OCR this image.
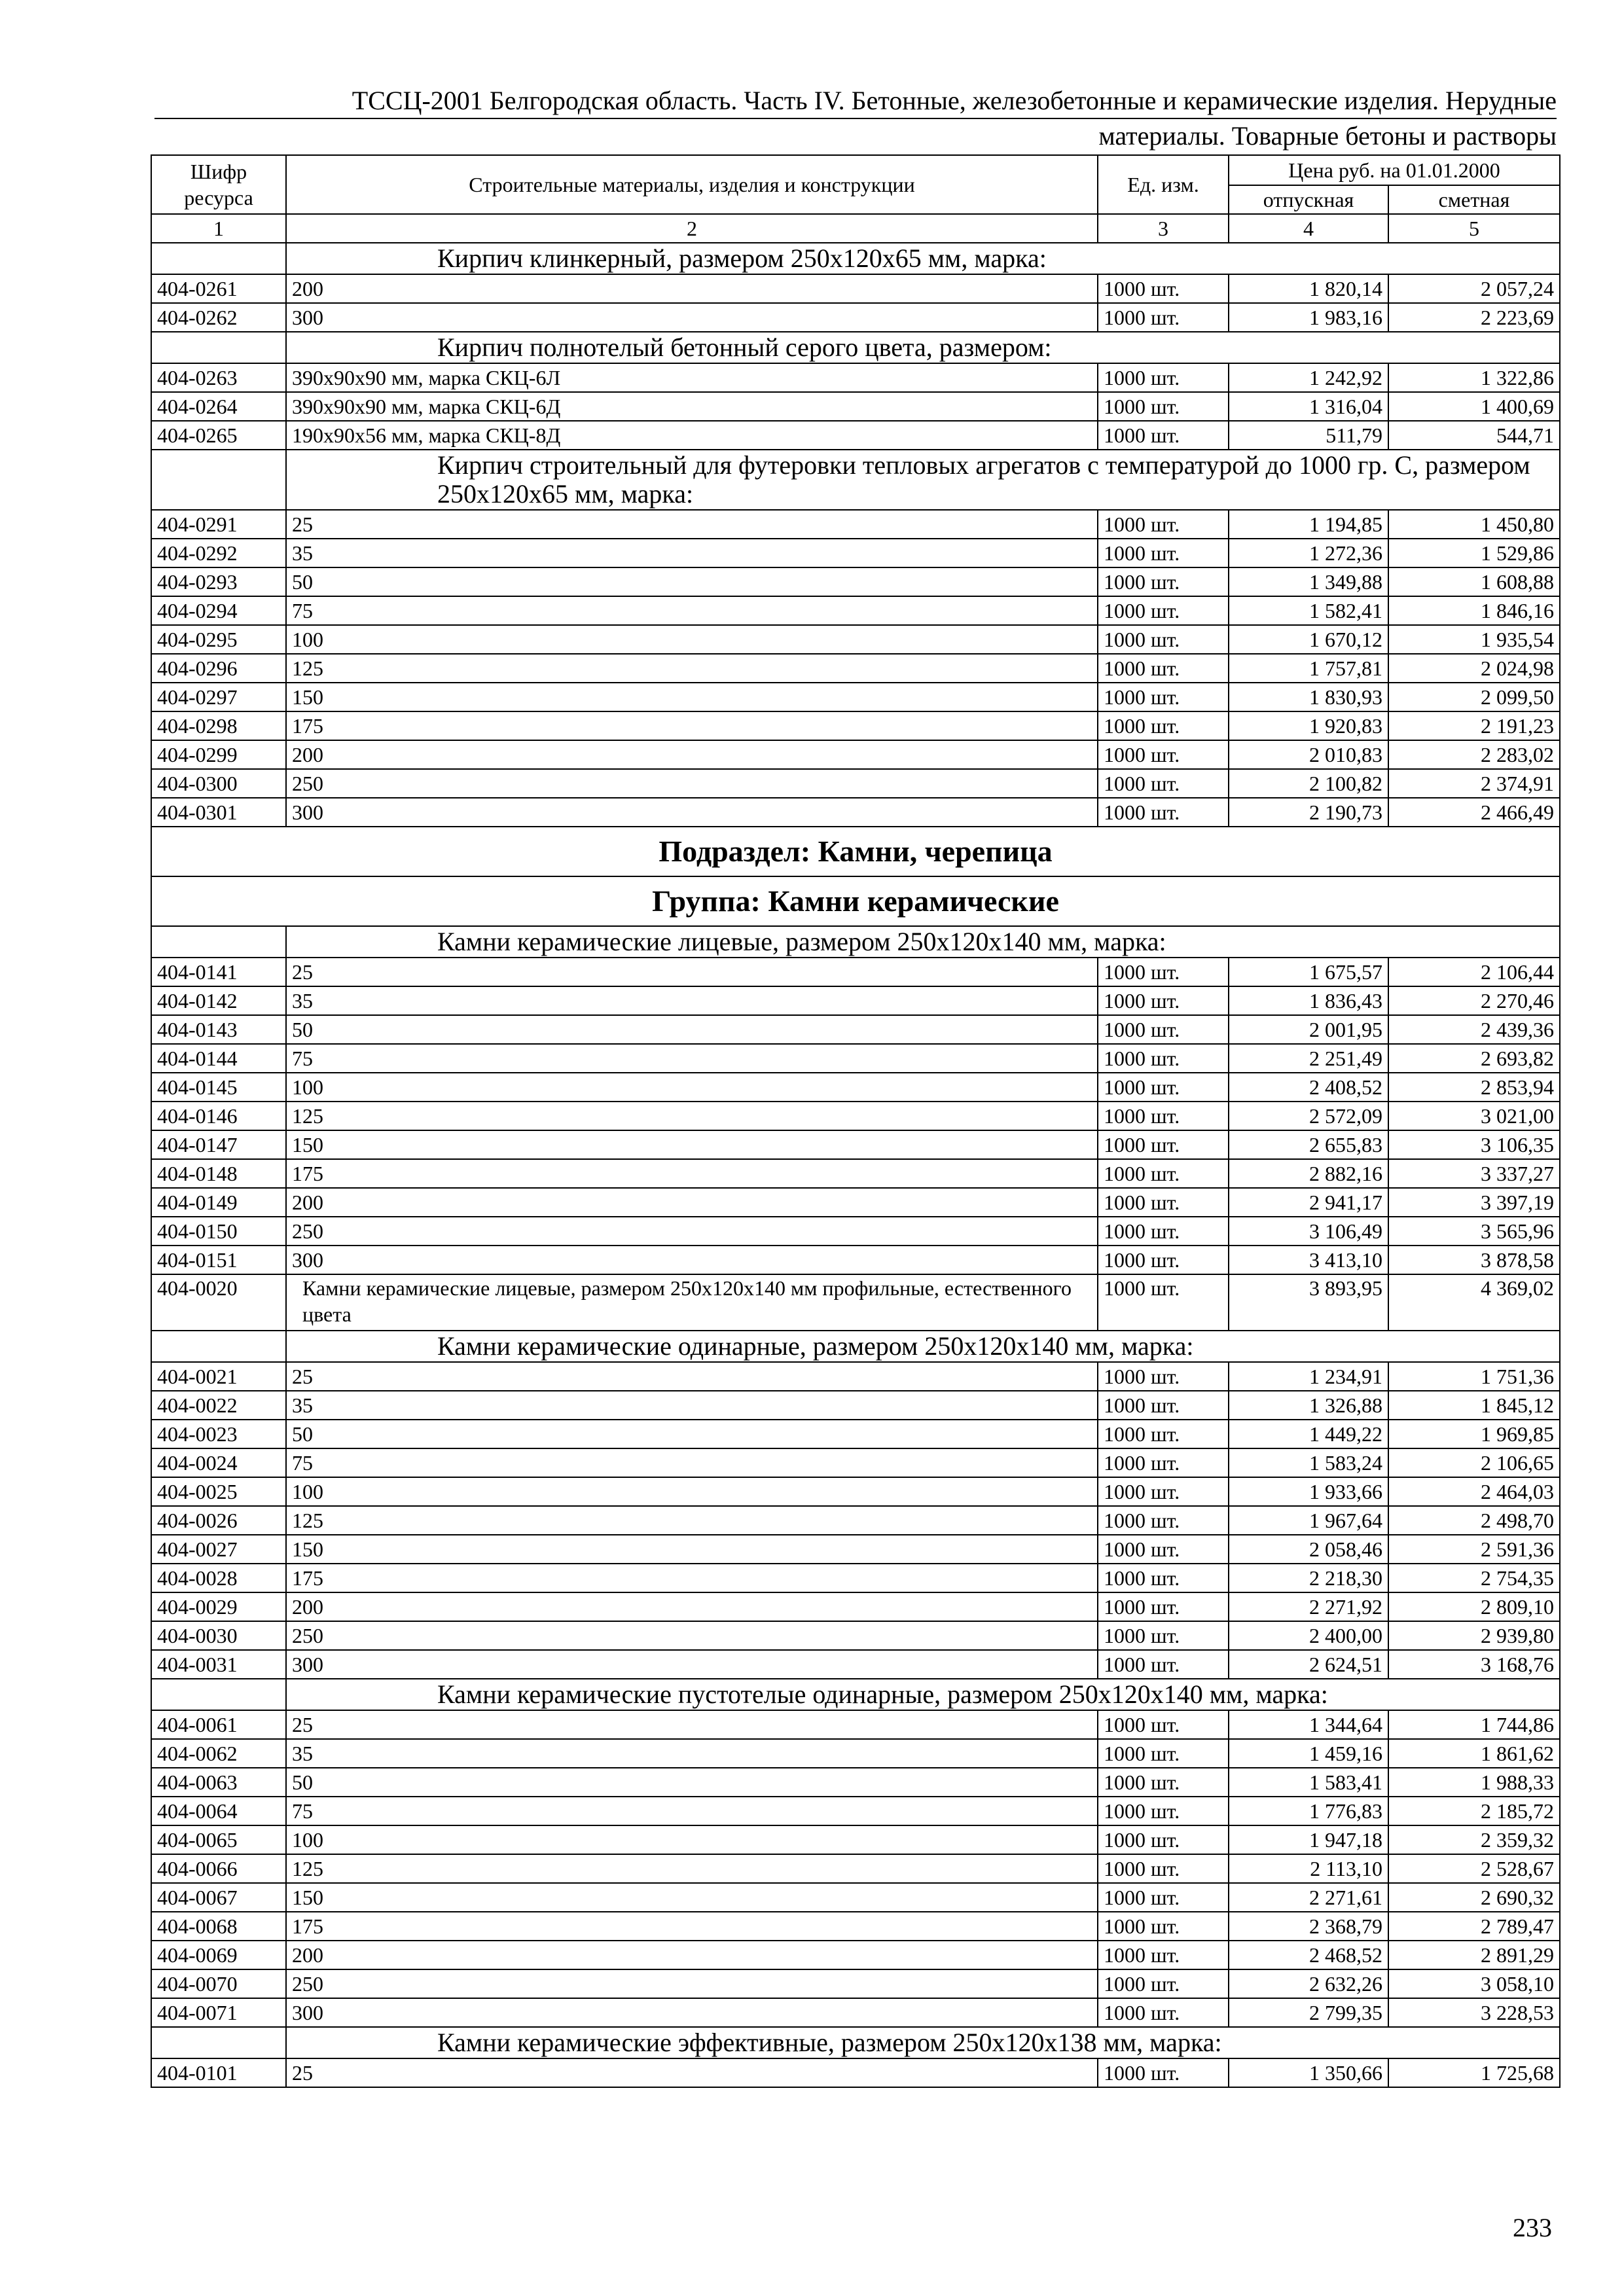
ТССЦ-2001 Белгородская область. Часть IV. Бетонные, железобетонные и керамические изделия. Нерудные
материалы. Товарные бетоны и растворы
Шифр ресурса	Строительные материалы, изделия и конструкции	Ед. изм.	Цена руб. на 01.01.2000	
			отпускная	сметная
1	2	3	4	5
	Кирпич клинкерный, размером 250х120х65 мм, марка:			
404-0261	200	1000 шт.	1 820,14	2 057,24
404-0262	300	1000 шт.	1 983,16	2 223,69
	Кирпич полнотелый бетонный серого цвета, размером:			
404-0263	390х90х90 мм, марка СКЦ-6Л	1000 шт.	1 242,92	1 322,86
404-0264	390х90х90 мм, марка СКЦ-6Д	1000 шт.	1 316,04	1 400,69
404-0265	190х90х56 мм, марка СКЦ-8Д	1000 шт.	511,79	544,71
	Кирпич строительный для футеровки тепловых агрегатов с температурой до 1000 гр. С, размером 250х120х65 мм, марка:			
404-0291	25	1000 шт.	1 194,85	1 450,80
404-0292	35	1000 шт.	1 272,36	1 529,86
404-0293	50	1000 шт.	1 349,88	1 608,88
404-0294	75	1000 шт.	1 582,41	1 846,16
404-0295	100	1000 шт.	1 670,12	1 935,54
404-0296	125	1000 шт.	1 757,81	2 024,98
404-0297	150	1000 шт.	1 830,93	2 099,50
404-0298	175	1000 шт.	1 920,83	2 191,23
404-0299	200	1000 шт.	2 010,83	2 283,02
404-0300	250	1000 шт.	2 100,82	2 374,91
404-0301	300	1000 шт.	2 190,73	2 466,49
Подраздел: Камни, черепица				
Группа: Камни керамические				
	Камни керамические лицевые, размером 250х120х140 мм, марка:			
404-0141	25	1000 шт.	1 675,57	2 106,44
404-0142	35	1000 шт.	1 836,43	2 270,46
404-0143	50	1000 шт.	2 001,95	2 439,36
404-0144	75	1000 шт.	2 251,49	2 693,82
404-0145	100	1000 шт.	2 408,52	2 853,94
404-0146	125	1000 шт.	2 572,09	3 021,00
404-0147	150	1000 шт.	2 655,83	3 106,35
404-0148	175	1000 шт.	2 882,16	3 337,27
404-0149	200	1000 шт.	2 941,17	3 397,19
404-0150	250	1000 шт.	3 106,49	3 565,96
404-0151	300	1000 шт.	3 413,10	3 878,58
404-0020	Камни керамические лицевые, размером 250х120х140 мм профильные, естественного цвета	1000 шт.	3 893,95	4 369,02
	Камни керамические одинарные, размером 250х120х140 мм, марка:			
404-0021	25	1000 шт.	1 234,91	1 751,36
404-0022	35	1000 шт.	1 326,88	1 845,12
404-0023	50	1000 шт.	1 449,22	1 969,85
404-0024	75	1000 шт.	1 583,24	2 106,65
404-0025	100	1000 шт.	1 933,66	2 464,03
404-0026	125	1000 шт.	1 967,64	2 498,70
404-0027	150	1000 шт.	2 058,46	2 591,36
404-0028	175	1000 шт.	2 218,30	2 754,35
404-0029	200	1000 шт.	2 271,92	2 809,10
404-0030	250	1000 шт.	2 400,00	2 939,80
404-0031	300	1000 шт.	2 624,51	3 168,76
	Камни керамические пустотелые одинарные, размером 250х120х140 мм, марка:			
404-0061	25	1000 шт.	1 344,64	1 744,86
404-0062	35	1000 шт.	1 459,16	1 861,62
404-0063	50	1000 шт.	1 583,41	1 988,33
404-0064	75	1000 шт.	1 776,83	2 185,72
404-0065	100	1000 шт.	1 947,18	2 359,32
404-0066	125	1000 шт.	2 113,10	2 528,67
404-0067	150	1000 шт.	2 271,61	2 690,32
404-0068	175	1000 шт.	2 368,79	2 789,47
404-0069	200	1000 шт.	2 468,52	2 891,29
404-0070	250	1000 шт.	2 632,26	3 058,10
404-0071	300	1000 шт.	2 799,35	3 228,53
	Камни керамические эффективные, размером 250х120х138 мм, марка:			
404-0101	25	1000 шт.	1 350,66	1 725,68
233
